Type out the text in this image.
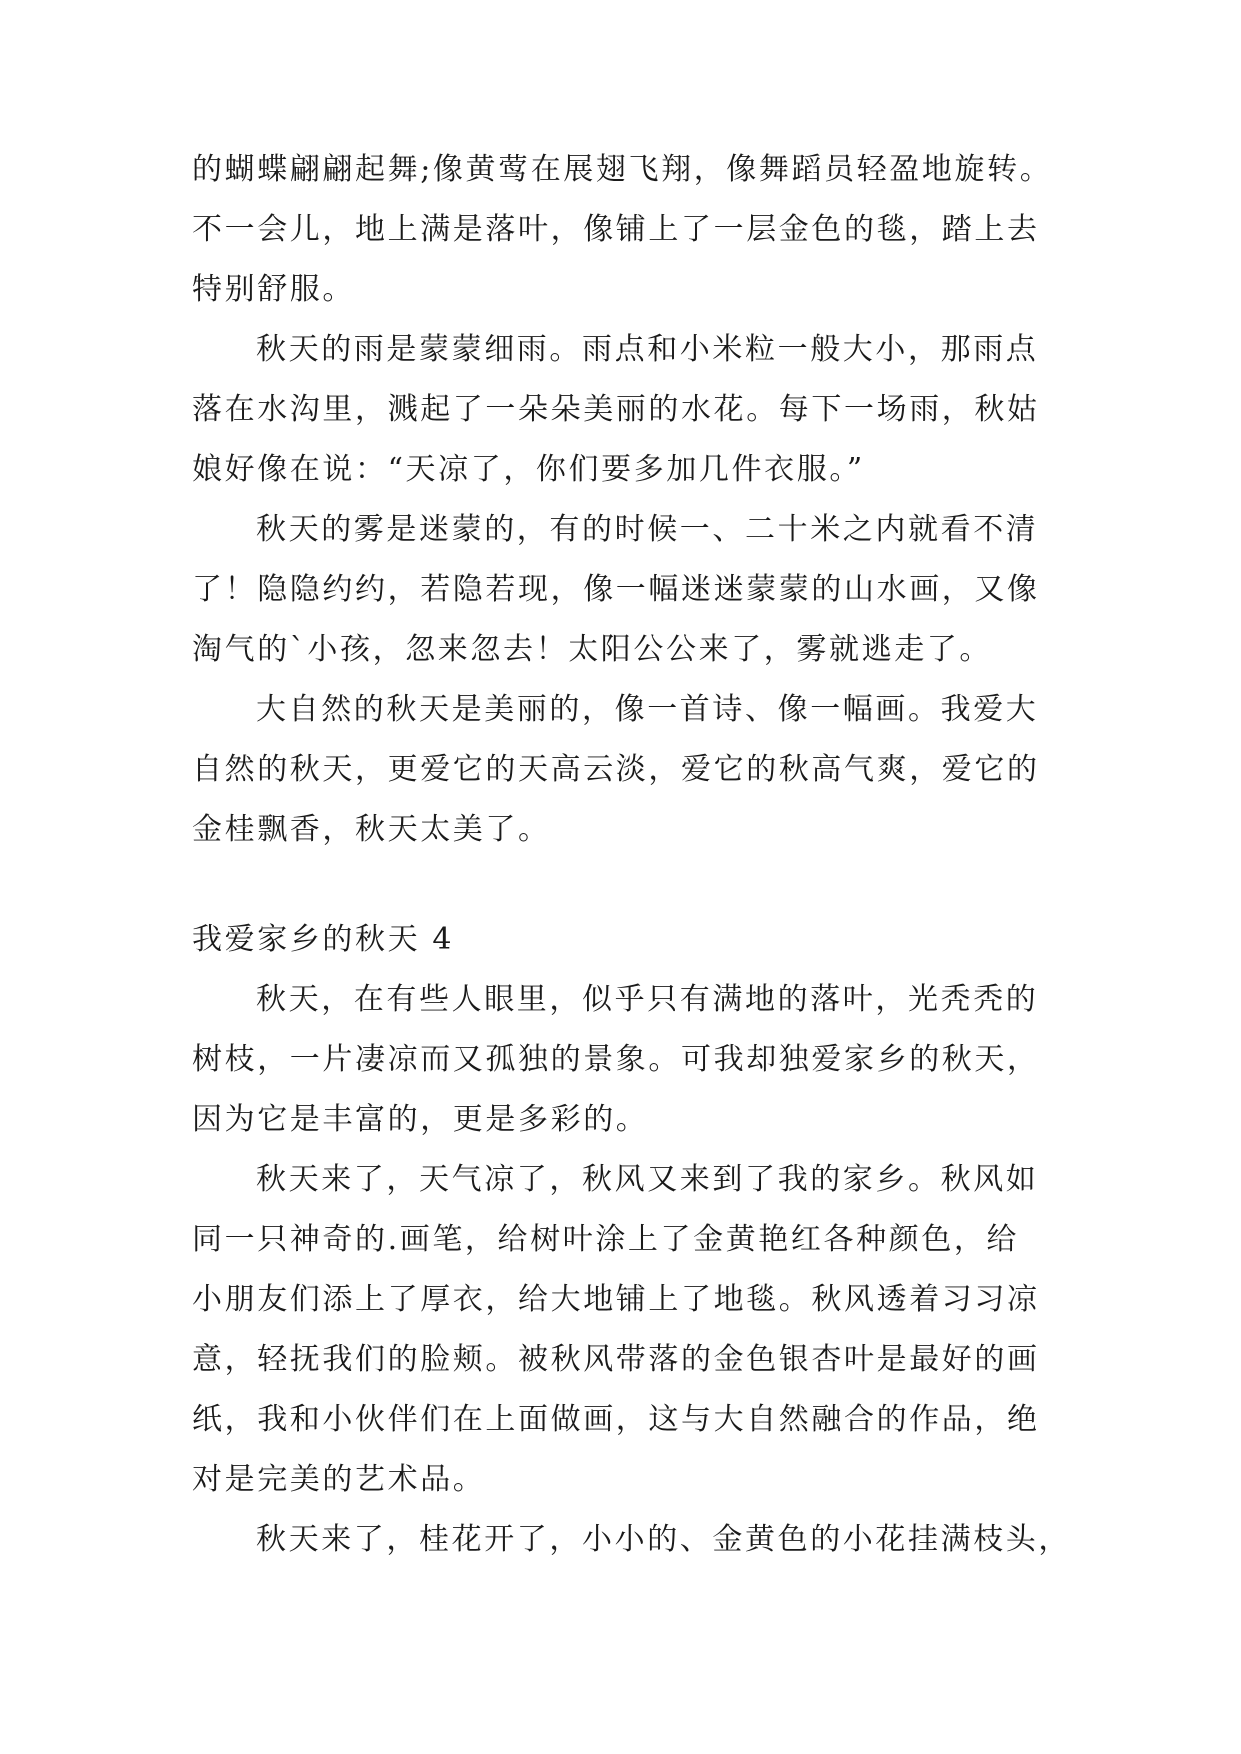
的蝴蝶翩翩起舞;像黄莺在展翅飞翔，像舞蹈员轻盈地旋转。
不一会儿，地上满是落叶，像铺上了一层金色的毯，踏上去
特别舒服。
秋天的雨是蒙蒙细雨。雨点和小米粒一般大小，那雨点
落在水沟里，溅起了一朵朵美丽的水花。每下一场雨，秋姑
娘好像在说：“天凉了，你们要多加几件衣服。”
秋天的雾是迷蒙的，有的时候一、二十米之内就看不清
了！隐隐约约，若隐若现，像一幅迷迷蒙蒙的山水画，又像
淘气的`小孩，忽来忽去！太阳公公来了，雾就逃走了。
大自然的秋天是美丽的，像一首诗、像一幅画。我爱大
自然的秋天，更爱它的天高云淡，爱它的秋高气爽，爱它的
金桂飘香，秋天太美了。
我爱家乡的秋天 4
秋天，在有些人眼里，似乎只有满地的落叶，光秃秃的
树枝，一片凄凉而又孤独的景象。可我却独爱家乡的秋天，
因为它是丰富的，更是多彩的。
秋天来了，天气凉了，秋风又来到了我的家乡。秋风如
同一只神奇的.画笔，给树叶涂上了金黄艳红各种颜色，给
小朋友们添上了厚衣，给大地铺上了地毯。秋风透着习习凉
意，轻抚我们的脸颊。被秋风带落的金色银杏叶是最好的画
纸，我和小伙伴们在上面做画，这与大自然融合的作品，绝
对是完美的艺术品。
秋天来了，桂花开了，小小的、金黄色的小花挂满枝头，
